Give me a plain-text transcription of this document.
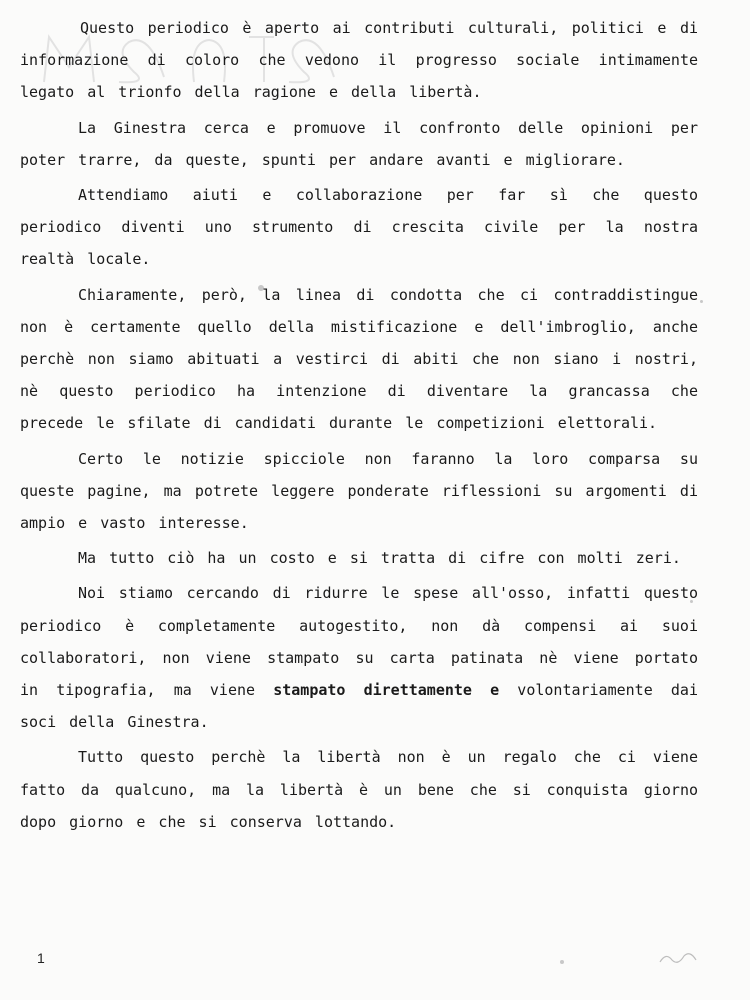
Questo periodico è aperto ai contributi culturali, politici e di informazione di coloro che vedono il progresso sociale intimamente legato al trionfo della ragione e della libertà.

La Ginestra cerca e promuove il confronto delle opinioni per poter trarre, da queste, spunti per andare avanti e migliorare.

Attendiamo aiuti e collaborazione per far sì che questo periodico diventi uno strumento di crescita civile per la nostra realtà locale.

Chiaramente, però, la linea di condotta che ci contraddistingue non è certamente quello della mistificazione e dell'imbroglio, anche perchè non siamo abituati a vestirci di abiti che non siano i nostri, nè questo periodico ha intenzione di diventare la grancassa che precede le sfilate di candidati durante le competizioni elettorali.

Certo le notizie spicciole non faranno la loro comparsa su queste pagine, ma potrete leggere ponderate riflessioni su argomenti di ampio e vasto interesse.

Ma tutto ciò ha un costo e si tratta di cifre con molti zeri.

Noi stiamo cercando di ridurre le spese all'osso, infatti questo periodico è completamente autogestito, non dà compensi ai suoi collaboratori, non viene stampato su carta patinata nè viene portato in tipografia, ma viene stampato direttamente e volontariamente dai soci della Ginestra.

Tutto questo perchè la libertà non è un regalo che ci viene fatto da qualcuno, ma la libertà è un bene che si conquista giorno dopo giorno e che si conserva lottando.

1
